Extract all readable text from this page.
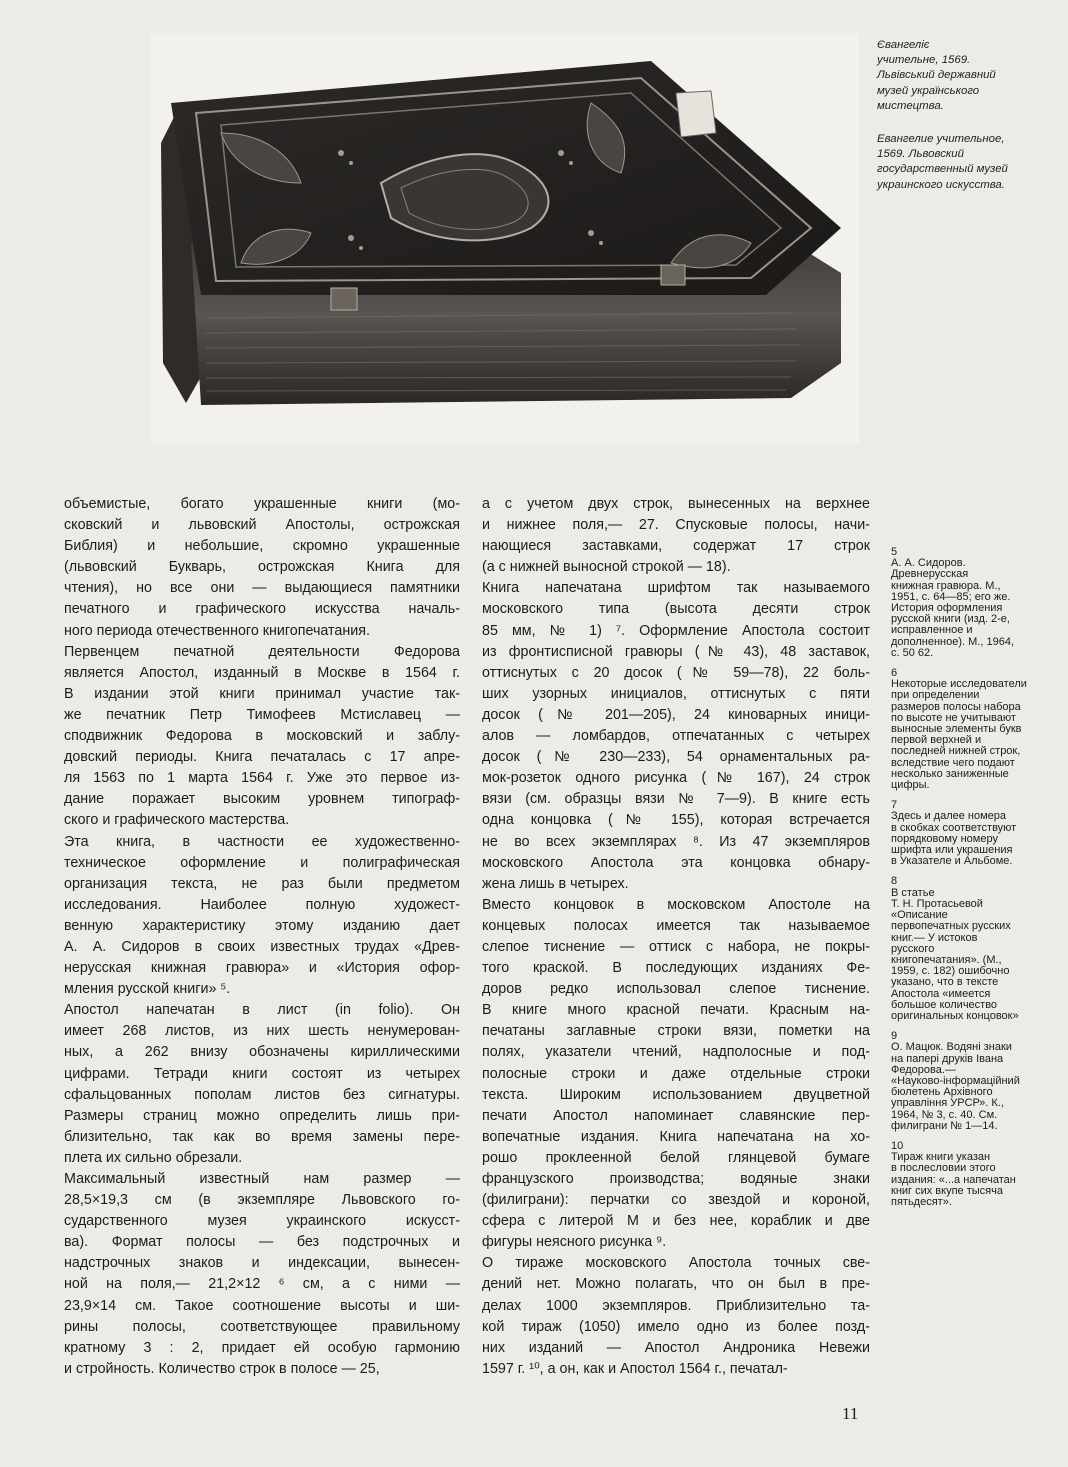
Євангеліє
учительне, 1569.
Львівський державний
музей українського
мистецтва.
Евангелие учительное,
1569. Львовский
государственный музей
украинского искусства.

объемистые, богато украшенные книги (мо-
сковский и львовский Апостолы, острожская
Библия) и небольшие, скромно украшенные
(львовский Букварь, острожская Книга для
чтения), но все они — выдающиеся памятники
печатного и графического искусства началь-
ного периода отечественного книгопечатания.

Первенцем печатной деятельности Федорова
является Апостол, изданный в Москве в 1564 г.
В издании этой книги принимал участие так-
же печатник Петр Тимофеев Мстиславец —
сподвижник Федорова в московский и заблу-
довский периоды. Книга печаталась с 17 апре-
ля 1563 по 1 марта 1564 г. Уже это первое из-
дание поражает высоким уровнем типограф-
ского и графического мастерства.

Эта книга, в частности ее художественно-
техническое оформление и полиграфическая
организация текста, не раз были предметом
исследования. Наиболее полную художест-
венную характеристику этому изданию дает
А. А. Сидоров в своих известных трудах «Древ-
нерусская книжная гравюра» и «История офор-
мления русской книги» ⁵.

Апостол напечатан в лист (in folio). Он
имеет 268 листов, из них шесть ненумерован-
ных, а 262 внизу обозначены кириллическими
цифрами. Тетради книги состоят из четырех
сфальцованных пополам листов без сигнатуры.
Размеры страниц можно определить лишь при-
близительно, так как во время замены пере-
плета их сильно обрезали.

Максимальный известный нам размер —
28,5×19,3 см (в экземпляре Львовского го-
сударственного музея украинского искусст-
ва). Формат полосы — без подстрочных и
надстрочных знаков и индексации, вынесен-
ной на поля,— 21,2×12 ⁶ см, а с ними —
23,9×14 см. Такое соотношение высоты и ши-
рины полосы, соответствующее правильному
кратному 3 : 2, придает ей особую гармонию
и стройность. Количество строк в полосе — 25,

а с учетом двух строк, вынесенных на верхнее
и нижнее поля,— 27. Спусковые полосы, начи-
нающиеся заставками, содержат 17 строк
(а с нижней выносной строкой — 18).

Книга напечатана шрифтом так называемого
московского типа (высота десяти строк
85 мм, № 1) ⁷. Оформление Апостола состоит
из фронтисписной гравюры (№ 43), 48 заставок,
оттиснутых с 20 досок (№ 59—78), 22 боль-
ших узорных инициалов, оттиснутых с пяти
досок (№ 201—205), 24 киноварных иници-
алов — ломбардов, отпечатанных с четырех
досок (№ 230—233), 54 орнаментальных ра-
мок-розеток одного рисунка (№ 167), 24 строк
вязи (см. образцы вязи № 7—9). В книге есть
одна концовка (№ 155), которая встречается
не во всех экземплярах ⁸. Из 47 экземпляров
московского Апостола эта концовка обнару-
жена лишь в четырех.

Вместо концовок в московском Апостоле на
концевых полосах имеется так называемое
слепое тиснение — оттиск с набора, не покры-
того краской. В последующих изданиях Фе-
доров редко использовал слепое тиснение.
В книге много красной печати. Красным на-
печатаны заглавные строки вязи, пометки на
полях, указатели чтений, надполосные и под-
полосные строки и даже отдельные строки
текста. Широким использованием двуцветной
печати Апостол напоминает славянские пер-
вопечатные издания. Книга напечатана на хо-
рошо проклеенной белой глянцевой бумаге
французского производства; водяные знаки
(филиграни): перчатки со звездой и короной,
сфера с литерой М и без нее, кораблик и две
фигуры неясного рисунка ⁹.

О тираже московского Апостола точных све-
дений нет. Можно полагать, что он был в пре-
делах 1000 экземпляров. Приблизительно та-
кой тираж (1050) имело одно из более позд-
них изданий — Апостол Андроника Невежи
1597 г. ¹⁰, а он, как и Апостол 1564 г., печатал-

5
А. А. Сидоров.
Древнерусская
книжная гравюра. М.,
1951, с. 64—85; его же.
История оформления
русской книги (изд. 2-е,
исправленное и
дополненное). М., 1964,
с. 50 62.
6
Некоторые исследователи
при определении
размеров полосы набора
по высоте не учитывают
выносные элементы букв
первой верхней и
последней нижней строк,
вследствие чего подают
несколько заниженные
цифры.
7
Здесь и далее номера
в скобках соответствуют
порядковому номеру
шрифта или украшения
в Указателе и Альбоме.
8
В статье
Т. Н. Протасьевой
«Описание
первопечатных русских
книг.— У истоков
русского
книгопечатания». (М.,
1959, с. 182) ошибочно
указано, что в тексте
Апостола «имеется
большое количество
оригинальных концовок»
9
О. Мацюк. Водяні знаки
на папері друків Івана
Федорова.—
«Науково-інформаційний
бюлетень Архівного
управління УРСР». К.,
1964, № 3, с. 40. См.
филиграни № 1—14.
10
Тираж книги указан
в послесловии этого
издания: «...а напечатан
книг сих вкупе тысяча
пятьдесят».
11
